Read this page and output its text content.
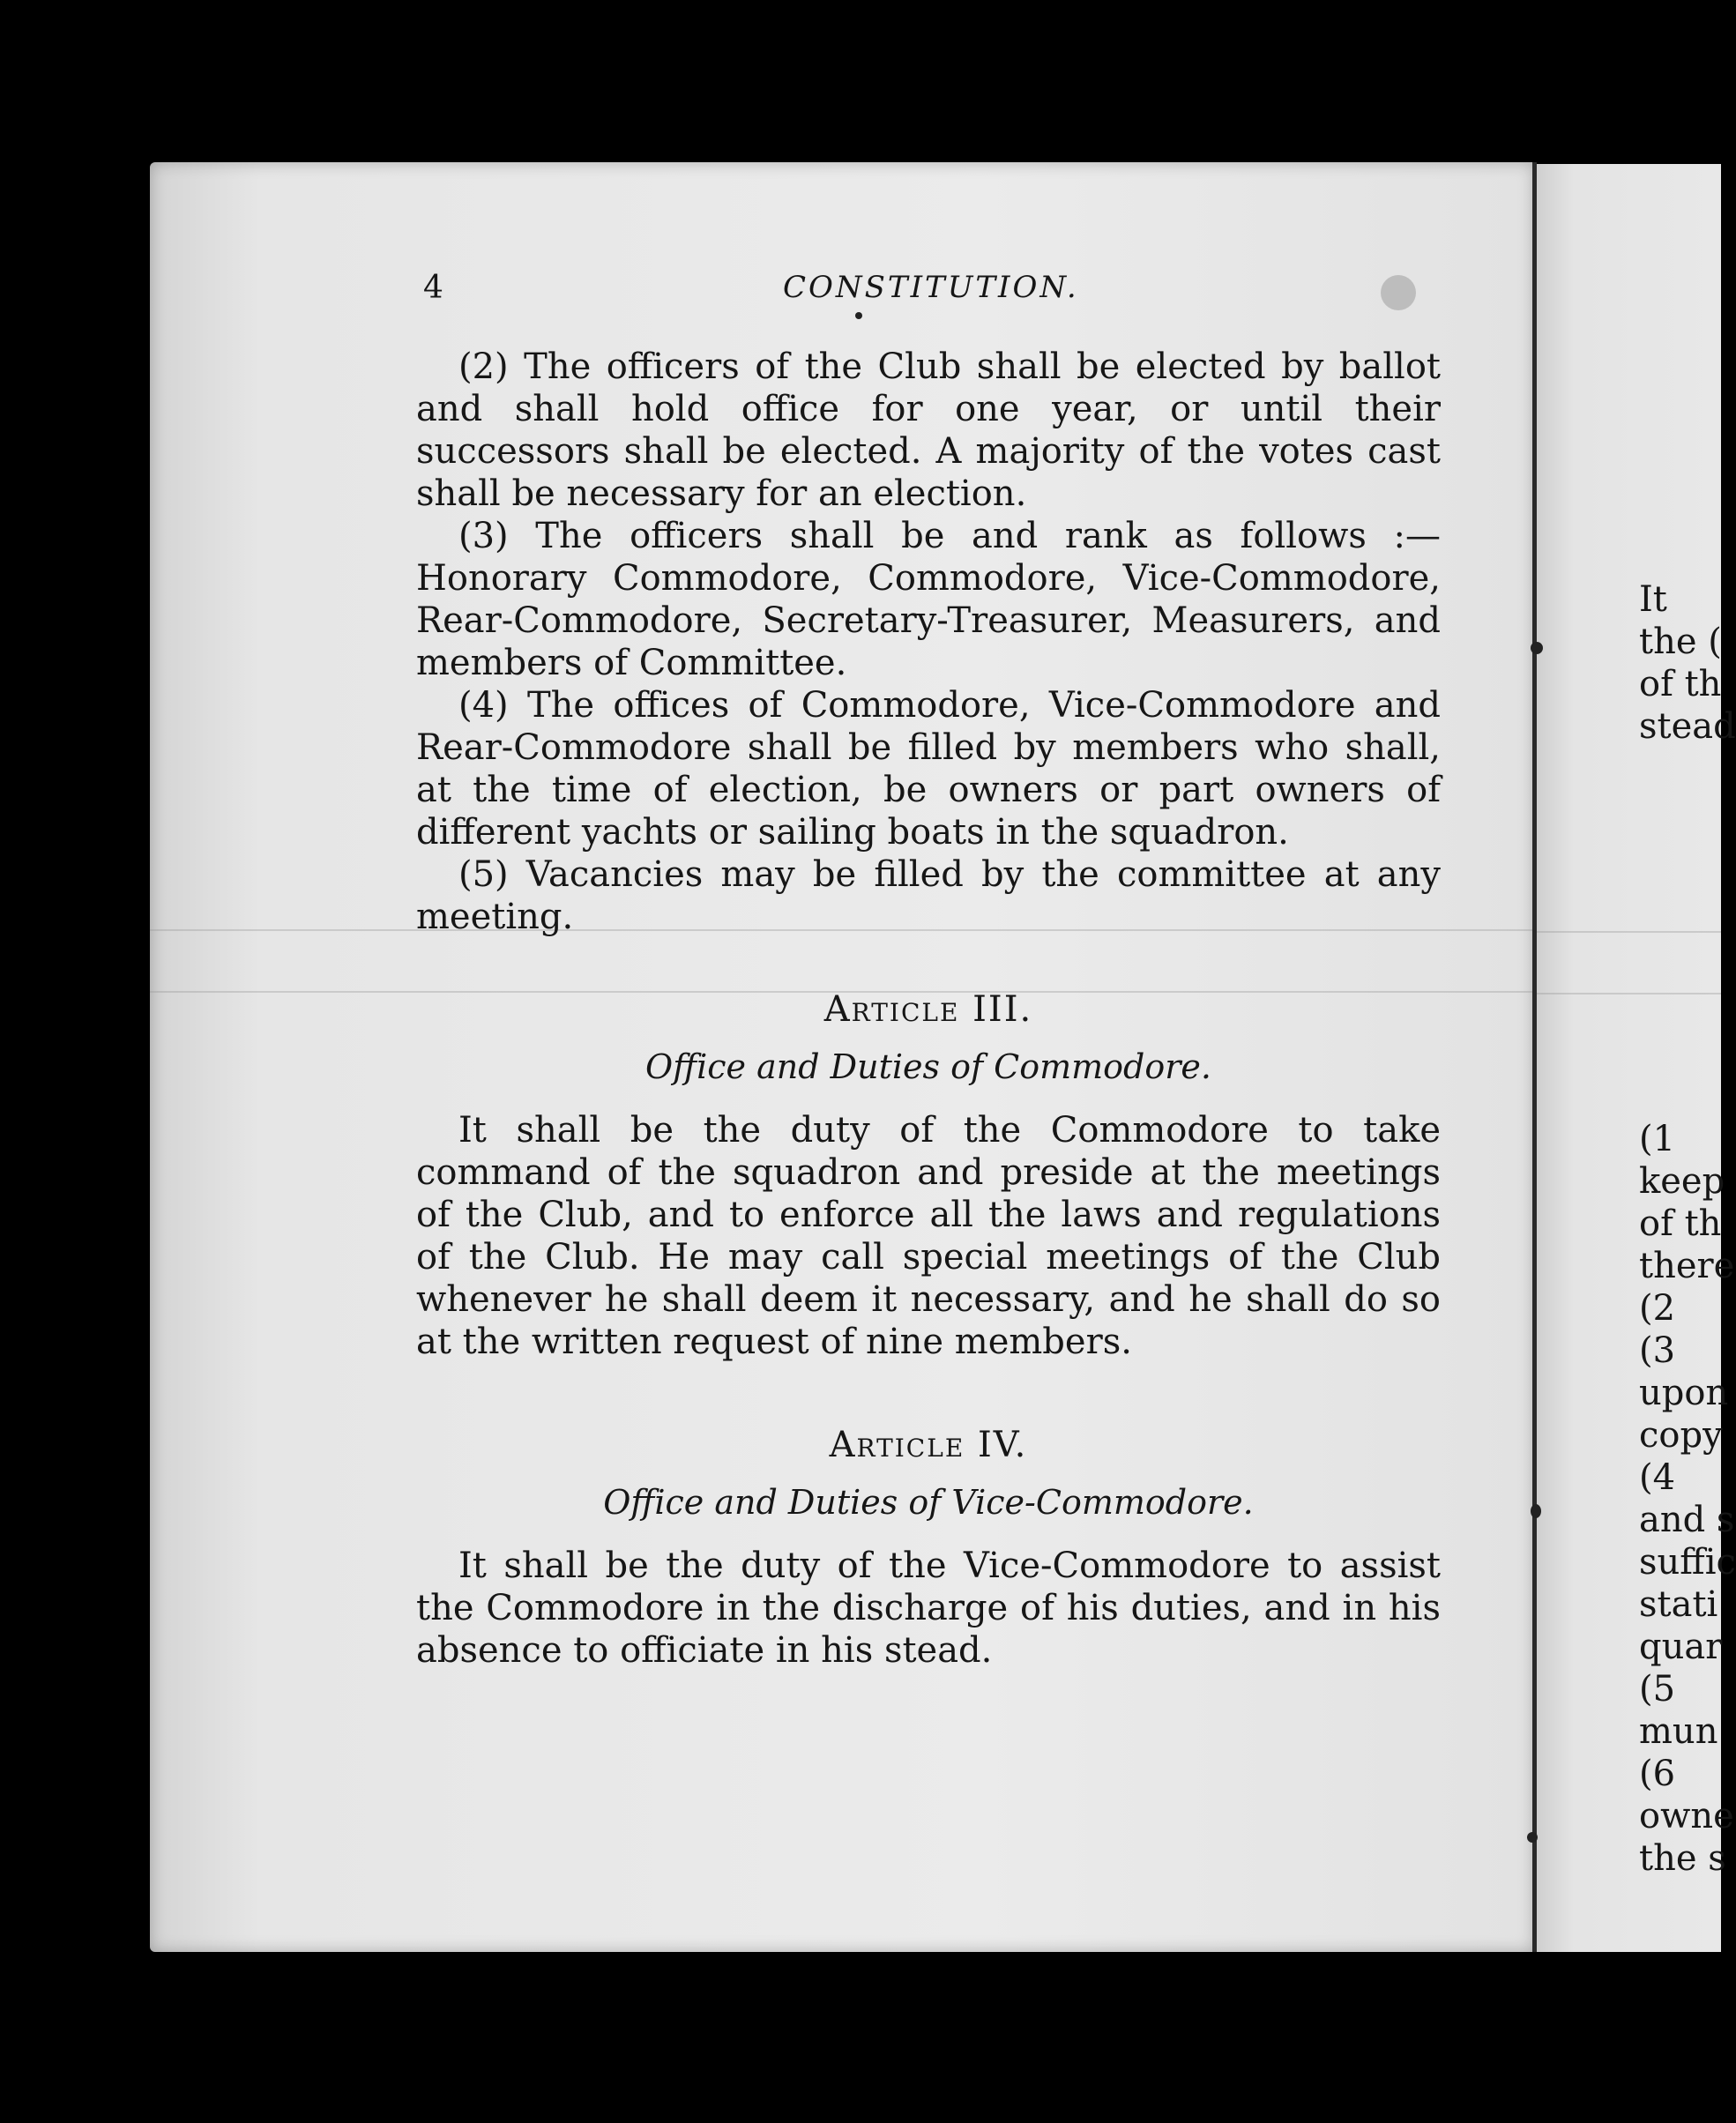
It
the (
of th
stead
(1
keep
of th
there
(2
(3
upon
copy
(4
and s
suffic
stati
quar
(5
mun
(6
owne
the s
4	CONSTITUTION.

(2) The officers of the Club shall be elected by ballot and shall hold office for one year, or until their successors shall be elected. A majority of the votes cast shall be necessary for an election.

(3) The officers shall be and rank as follows :—Honorary Commodore, Commodore, Vice-Commodore, Rear-Commodore, Secretary-Treasurer, Measurers, and members of Committee.

(4) The offices of Commodore, Vice-Commodore and Rear-Commodore shall be filled by members who shall, at the time of election, be owners or part owners of different yachts or sailing boats in the squadron.

(5) Vacancies may be filled by the committee at any meeting.

Article III.

Office and Duties of Commodore.

It shall be the duty of the Commodore to take command of the squadron and preside at the meetings of the Club, and to enforce all the laws and regulations of the Club. He may call special meetings of the Club whenever he shall deem it necessary, and he shall do so at the written request of nine members.

Article IV.

Office and Duties of Vice-Commodore.

It shall be the duty of the Vice-Commodore to assist the Commodore in the discharge of his duties, and in his absence to officiate in his stead.
